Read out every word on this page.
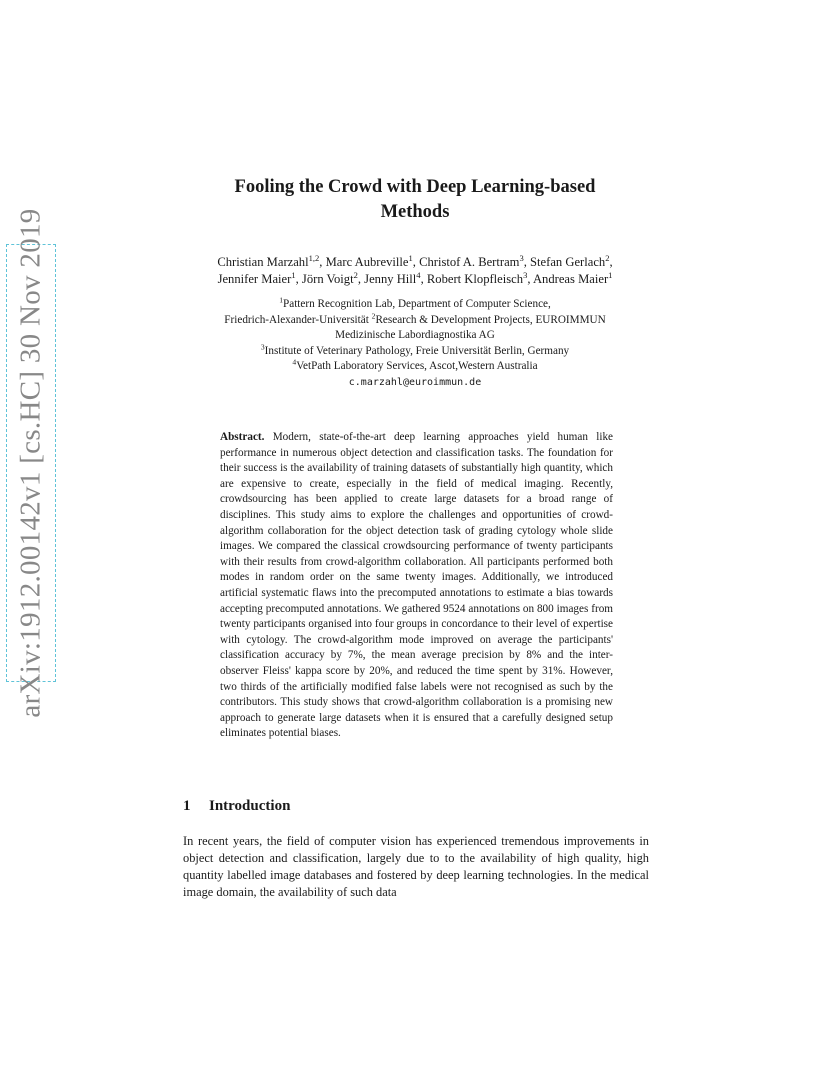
arXiv:1912.00142v1 [cs.HC] 30 Nov 2019
Fooling the Crowd with Deep Learning-based
Methods
Christian Marzahl$^{1,2}$, Marc Aubreville$^1$, Christof A. Bertram$^3$, Stefan Gerlach$^2$,
Jennifer Maier$^1$, Jörn Voigt$^2$, Jenny Hill$^4$, Robert Klopfleisch$^3$, Andreas Maier$^1$
$^1$Pattern Recognition Lab, Department of Computer Science,
Friedrich-Alexander-Universität $^2$Research & Development Projects, EUROIMMUN
Medizinische Labordiagnostika AG
$^3$Institute of Veterinary Pathology, Freie Universität Berlin, Germany
$^4$VetPath Laboratory Services, Ascot,Western Australia
c.marzahl@euroimmun.de
Abstract. Modern, state-of-the-art deep learning approaches yield human like performance in numerous object detection and classification tasks. The foundation for their success is the availability of training datasets of substantially high quantity, which are expensive to create, especially in the field of medical imaging. Recently, crowdsourcing has been applied to create large datasets for a broad range of disciplines. This study aims to explore the challenges and opportunities of crowd-algorithm collaboration for the object detection task of grading cytology whole slide images. We compared the classical crowdsourcing performance of twenty participants with their results from crowd-algorithm collaboration. All participants performed both modes in random order on the same twenty images. Additionally, we introduced artificial systematic flaws into the precomputed annotations to estimate a bias towards accepting precomputed annotations. We gathered 9524 annotations on 800 images from twenty participants organised into four groups in concordance to their level of expertise with cytology. The crowd-algorithm mode improved on average the participants' classification accuracy by 7%, the mean average precision by 8% and the inter-observer Fleiss' kappa score by 20%, and reduced the time spent by 31%. However, two thirds of the artificially modified false labels were not recognised as such by the contributors. This study shows that crowd-algorithm collaboration is a promising new approach to generate large datasets when it is ensured that a carefully designed setup eliminates potential biases.
1 Introduction
In recent years, the field of computer vision has experienced tremendous improvements in object detection and classification, largely due to to the availability of high quality, high quantity labelled image databases and fostered by deep learning technologies. In the medical image domain, the availability of such data
